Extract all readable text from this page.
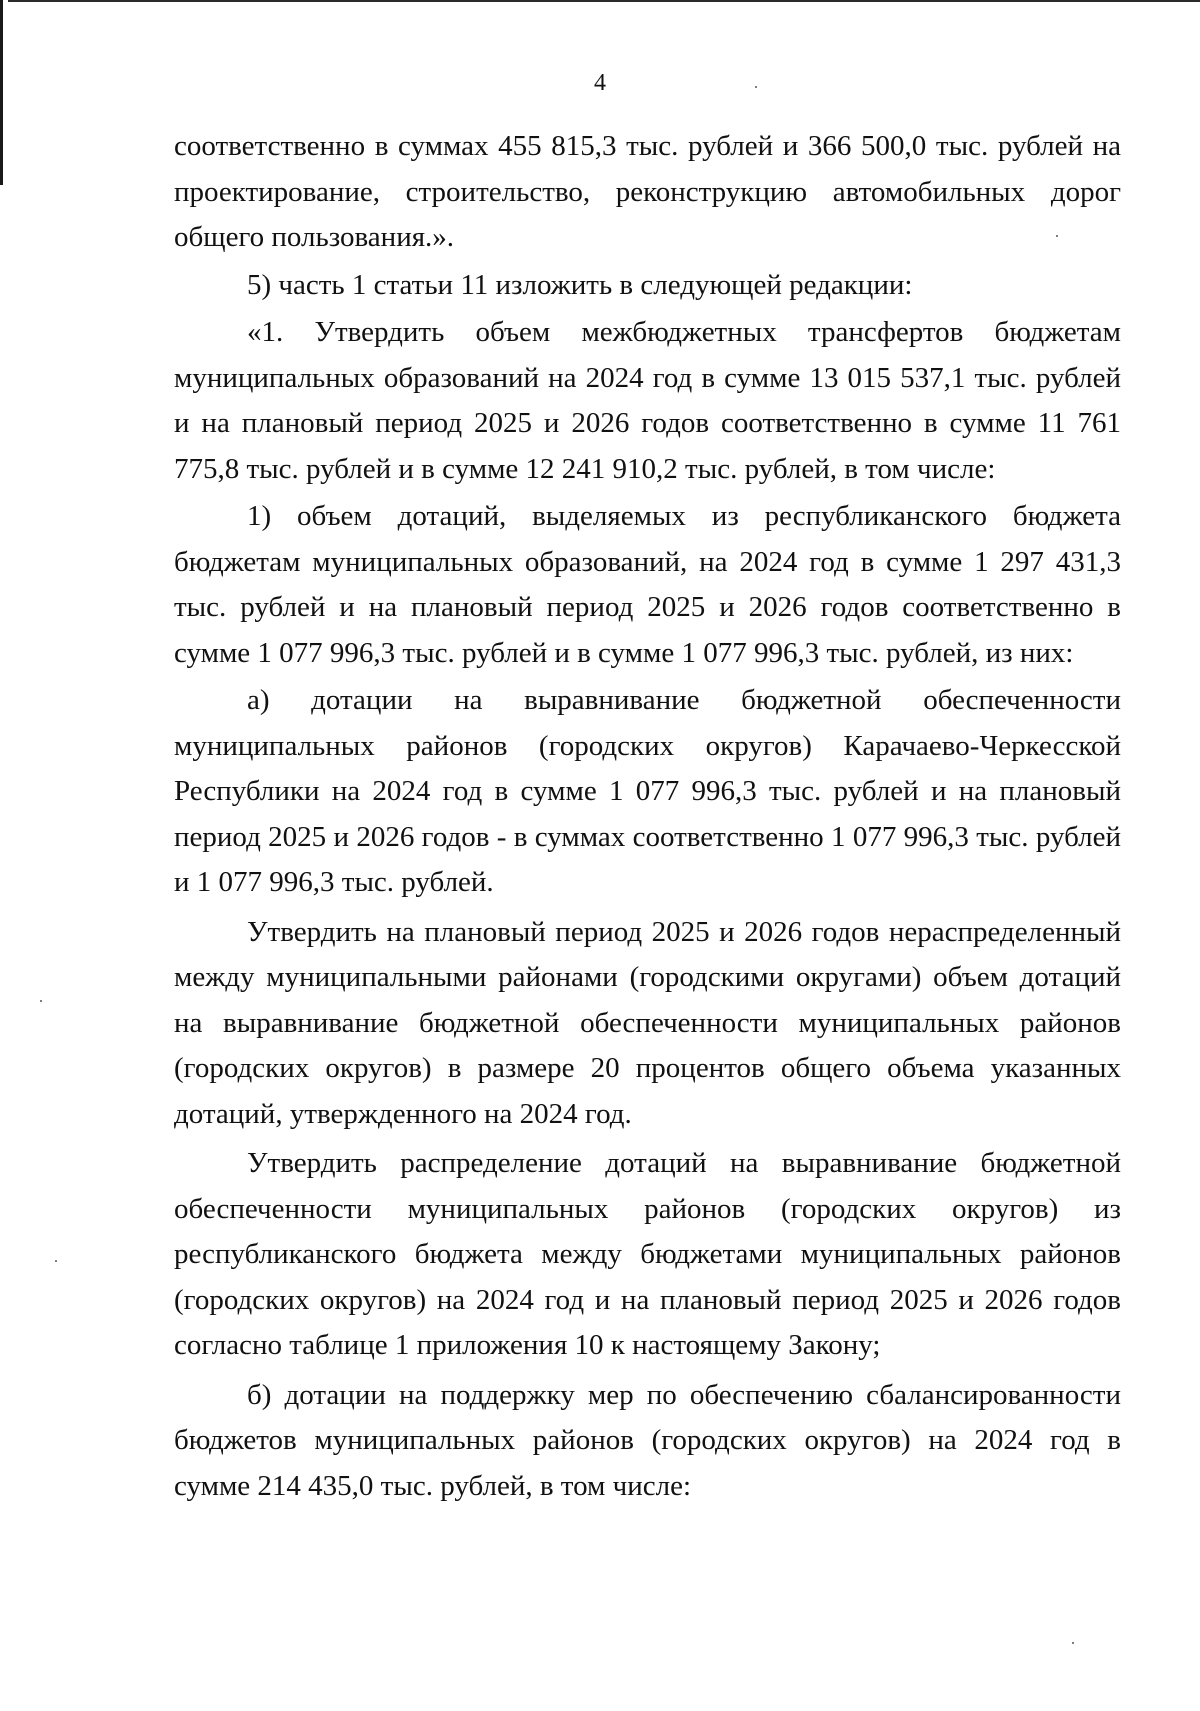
4

соответственно в суммах 455 815,3 тыс. рублей и 366 500,0 тыс. рублей на проектирование, строительство, реконструкцию автомобильных дорог общего пользования.».

5) часть 1 статьи 11 изложить в следующей редакции:

«1. Утвердить объем межбюджетных трансфертов бюджетам муниципальных образований на 2024 год в сумме 13 015 537,1 тыс. рублей и на плановый период 2025 и 2026 годов соответственно в сумме 11 761 775,8 тыс. рублей и в сумме 12 241 910,2 тыс. рублей, в том числе:

1) объем дотаций, выделяемых из республиканского бюджета бюджетам муниципальных образований, на 2024 год в сумме 1 297 431,3 тыс. рублей и на плановый период 2025 и 2026 годов соответственно в сумме 1 077 996,3 тыс. рублей и в сумме 1 077 996,3 тыс. рублей, из них:

а) дотации на выравнивание бюджетной обеспеченности муниципальных районов (городских округов) Карачаево-Черкесской Республики на 2024 год в сумме 1 077 996,3 тыс. рублей и на плановый период 2025 и 2026 годов - в суммах соответственно 1 077 996,3 тыс. рублей и 1 077 996,3 тыс. рублей.

Утвердить на плановый период 2025 и 2026 годов нераспределенный между муниципальными районами (городскими округами) объем дотаций на выравнивание бюджетной обеспеченности муниципальных районов (городских округов) в размере 20 процентов общего объема указанных дотаций, утвержденного на 2024 год.

Утвердить распределение дотаций на выравнивание бюджетной обеспеченности муниципальных районов (городских округов) из республиканского бюджета между бюджетами муниципальных районов (городских округов) на 2024 год и на плановый период 2025 и 2026 годов согласно таблице 1 приложения 10 к настоящему Закону;

б) дотации на поддержку мер по обеспечению сбалансированности бюджетов муниципальных районов (городских округов) на 2024 год в сумме 214 435,0 тыс. рублей, в том числе:
